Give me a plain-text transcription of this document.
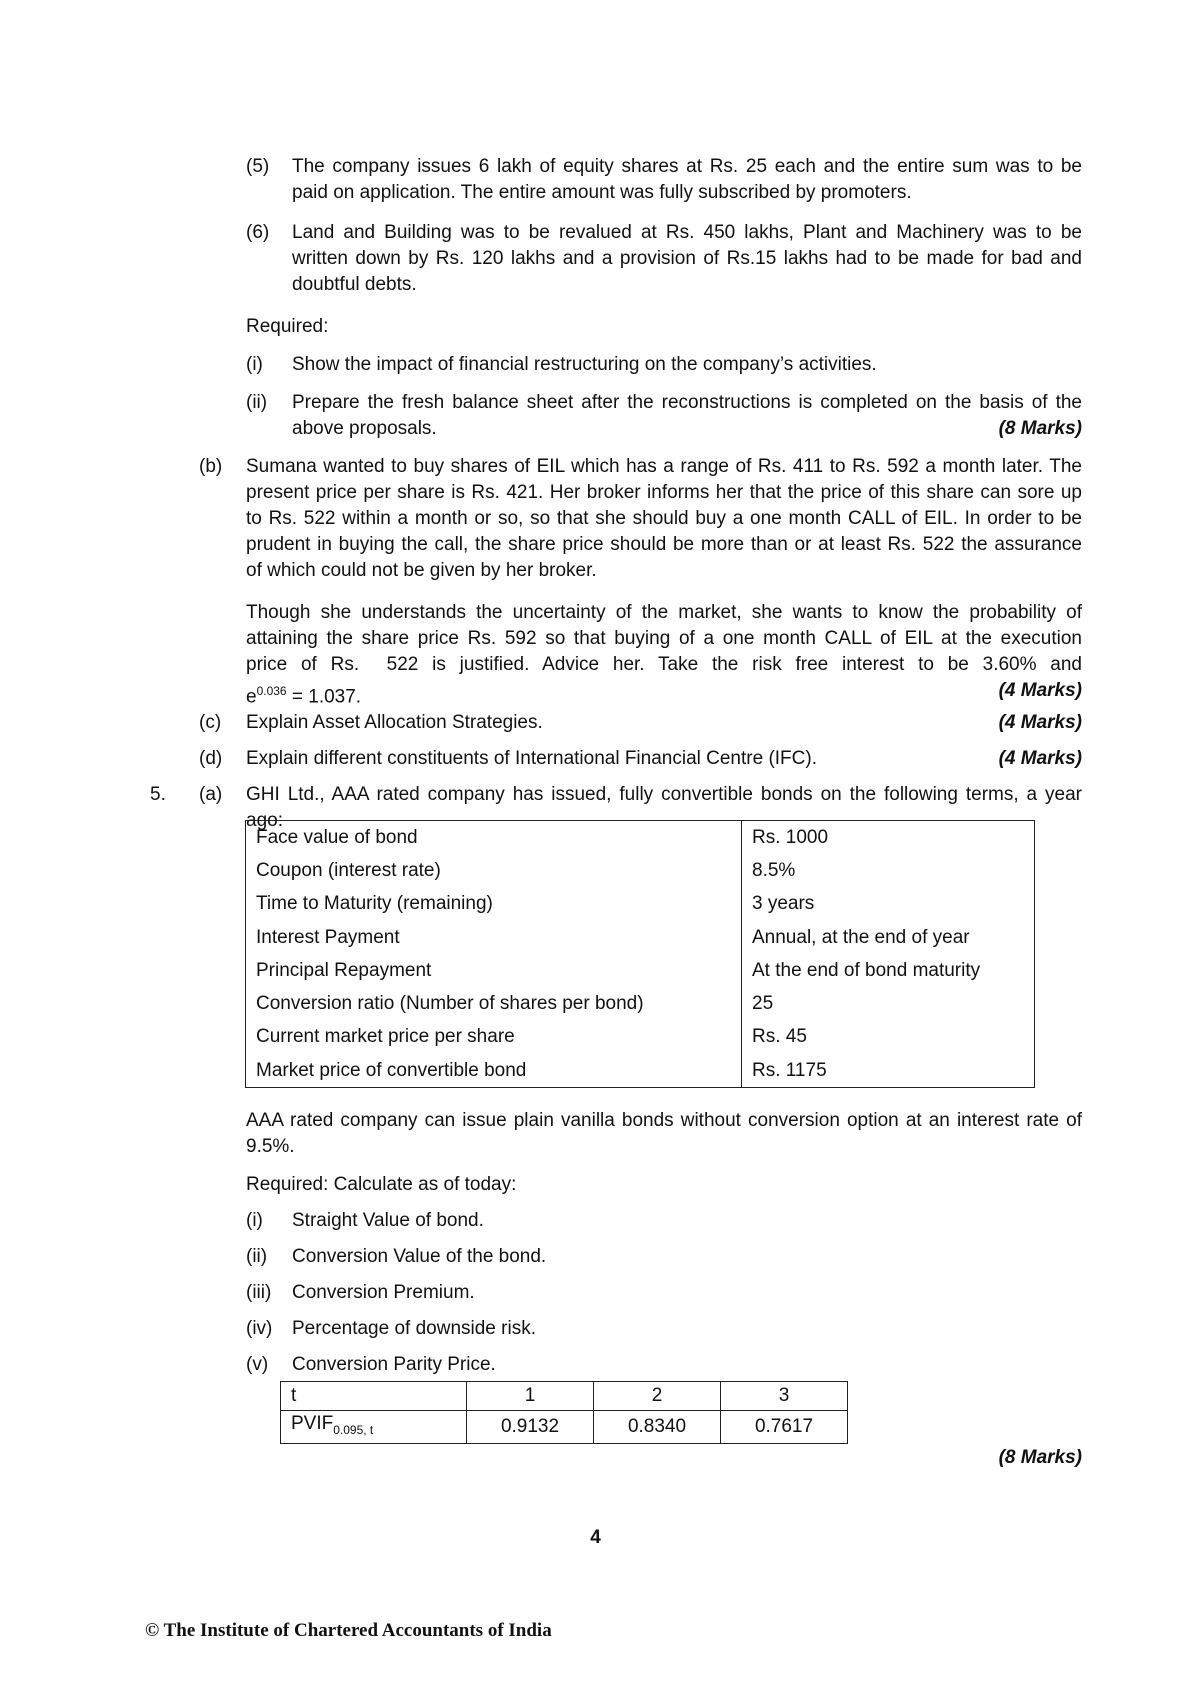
(5) The company issues 6 lakh of equity shares at Rs. 25 each and the entire sum was to be
paid on application. The entire amount was fully subscribed by promoters.
(6) Land and Building was to be revalued at Rs. 450 lakhs, Plant and Machinery was to be
written down by Rs. 120 lakhs and a provision of Rs.15 lakhs had to be made for bad and
doubtful debts.
Required:
(i) Show the impact of financial restructuring on the company’s activities.
(ii) Prepare the fresh balance sheet after the reconstructions is completed on the basis of the
above proposals.	(8 Marks)
(b) Sumana wanted to buy shares of EIL which has a range of Rs. 411 to Rs. 592 a month later. The
present price per share is Rs. 421. Her broker informs her that the price of this share can sore up
to Rs. 522 within a month or so, so that she should buy a one month CALL of EIL. In order to be
prudent in buying the call, the share price should be more than or at least Rs. 522 the assurance
of which could not be given by her broker.
Though she understands the uncertainty of the market, she wants to know the probability of
attaining the share price Rs. 592 so that buying of a one month CALL of EIL at the execution
price of Rs.  522 is justified. Advice her. Take the risk free interest to be 3.60% and
$e^{0.036} = 1.037$.	(4 Marks)
(c) Explain Asset Allocation Strategies.	(4 Marks)
(d) Explain different constituents of International Financial Centre (IFC).	(4 Marks)
5. (a) GHI Ltd., AAA rated company has issued, fully convertible bonds on the following terms, a year
ago:
Face value of bond	Rs. 1000
Coupon (interest rate)	8.5%
Time to Maturity (remaining)	3 years
Interest Payment	Annual, at the end of year
Principal Repayment	At the end of bond maturity
Conversion ratio (Number of shares per bond)	25
Current market price per share	Rs. 45
Market price of convertible bond	Rs. 1175
AAA rated company can issue plain vanilla bonds without conversion option at an interest rate of
9.5%.
Required: Calculate as of today:
(i) Straight Value of bond.
(ii) Conversion Value of the bond.
(iii) Conversion Premium.
(iv) Percentage of downside risk.
(v) Conversion Parity Price.
t	1	2	3
$PVIF_{0.095, t}$	0.9132	0.8340	0.7617
(8 Marks)
4
© The Institute of Chartered Accountants of India
